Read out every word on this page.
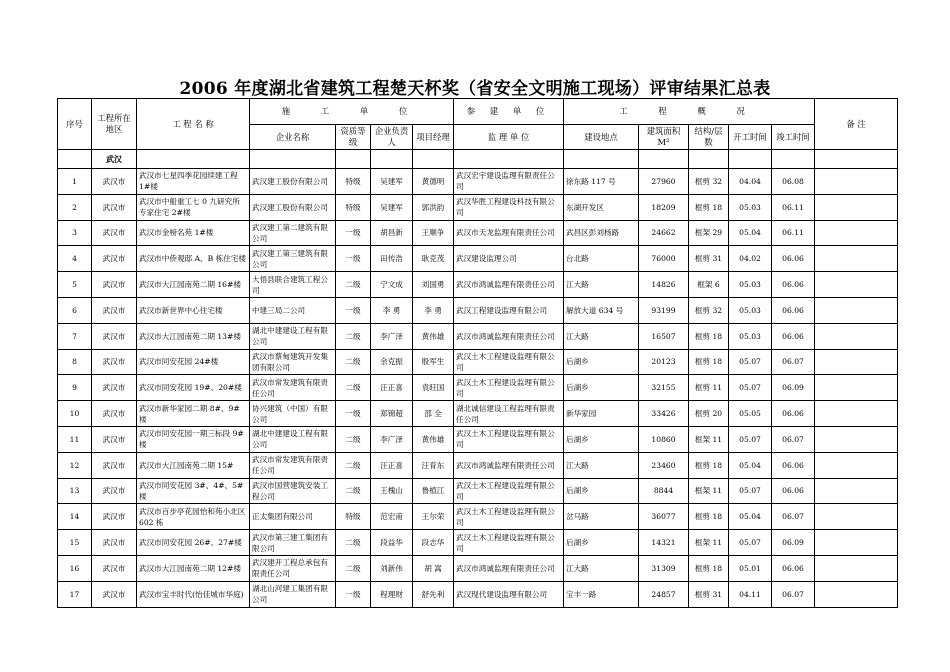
2006 年度湖北省建筑工程楚天杯奖（省安全文明施工现场）评审结果汇总表
序号	工程所在地区	工 程 名 称	施 工 单 位				参 建 单 位	工 程 概 况					备 注
			企业名称	资质等级	企业负责人	项目经理	监 理 单 位	建设地点	建筑面积 M²	结构/层数	开工时间	竣工时间	
	武汉												
1	武汉市	武汉市七星四季花园续建工程 1#楼	武汉建工股份有限公司	特级	吴建军	黄德明	武汉宏宇建设监理有限责任公司	徐东路 117 号	27960	框剪 32	04.04	06.08	
2	武汉市	武汉市中船重工七 0 九研究所专家住宅 2#楼	武汉建工股份有限公司	特级	吴建军	郭洪韵	武汉华胜工程建设科技有限公司	东湖开发区	18209	框剪 18	05.03	06.11	
3	武汉市	武汉市金榜名苑 1#楼	武汉建工第二建筑有限公司	一级	胡昌新	王顺争	武汉市天龙监理有限责任公司	武昌区彭刘杨路	24662	框架 29	05.04	06.11	
4	武汉市	武汉市中侨观邸 A、B 栋住宅楼	武汉建工第三建筑有限公司	一级	田传浩	耿克茂	武汉建设监理公司	台北路	76000	框剪 31	04.02	06.06	
5	武汉市	武汉市大江园南苑二期 16#楼	大悟县联合建筑工程公司	二级	宁文成	刘国勇	武汉市鸿诚监理有限责任公司	江大路	14826	框架 6	05.03	06.06	
6	武汉市	武汉市新世界中心住宅楼	中建三局二公司	一级	李 勇	李 勇	武汉工程建设监理有限公司	解放大道 634 号	93199	框剪 32	05.03	06.06	
7	武汉市	武汉市大江园南苑二期 13#楼	湖北中建建设工程有限公司	二级	李广泽	黄伟雄	武汉市鸿诚监理有限责任公司	江大路	16507	框剪 18	05.03	06.06	
8	武汉市	武汉市同安花园 24#楼	武汉市蔡甸建筑开发集团有限公司	二级	余克振	殷军生	武汉土木工程建设监理有限公司	后湖乡	20123	框剪 18	05.07	06.07	
9	武汉市	武汉市同安花园 19#、20#楼	武汉市常发建筑有限责任公司	二级	汪正喜	袁旺国	武汉土木工程建设监理有限公司	后湖乡	32155	框剪 11	05.07	06.09	
10	武汉市	武汉市新华家园二期 8#、9#楼	协兴建筑（中国）有限公司	一级	郑锦超	邵 全	湖北诚信建设工程监理有限责任公司	新华家园	33426	框剪 20	05.05	06.06	
11	武汉市	武汉市同安花园一期三标段 9#楼	湖北中建建设工程有限公司	二级	李广泽	黄伟雄	武汉土木工程建设监理有限公司	后湖乡	10860	框架 11	05.07	06.07	
12	武汉市	武汉市大江园南苑二期 15#	武汉市常发建筑有限责任公司	二级	汪正喜	汪育东	武汉市鸿诚监理有限责任公司	江大路	23460	框剪 18	05.04	06.06	
13	武汉市	武汉市同安花园 3#、4#、5#楼	武汉市国营建筑安装工程公司	二级	王槐山	鲁植江	武汉土木工程建设监理有限公司	后湖乡	8844	框架 11	05.07	06.06	
14	武汉市	武汉市百步亭花园怡和苑小北区 602 栋	正太集团有限公司	特级	范宏甫	王尔荣	武汉土木工程建设监理有限公司	岔马路	36077	框剪 18	05.04	06.07	
15	武汉市	武汉市同安花园 26#、27#楼	武汉市第三建工集团有限公司	二级	段益华	段志华	武汉土木工程建设监理有限公司	后湖乡	14321	框架 11	05.07	06.09	
16	武汉市	武汉市大江园南苑二期 12#楼	武汉建开工程总承包有限责任公司	二级	刘新伟	胡 嵩	武汉市鸿诚监理有限责任公司	江大路	31309	框剪 18	05.01	06.06	
17	武汉市	武汉市宝丰时代(怡佳城市华庭)	湖北山河建工集团有限公司	一级	程理财	舒先利	武汉现代建设监理有限公司	宝丰一路	24857	框剪 31	04.11	06.07	
